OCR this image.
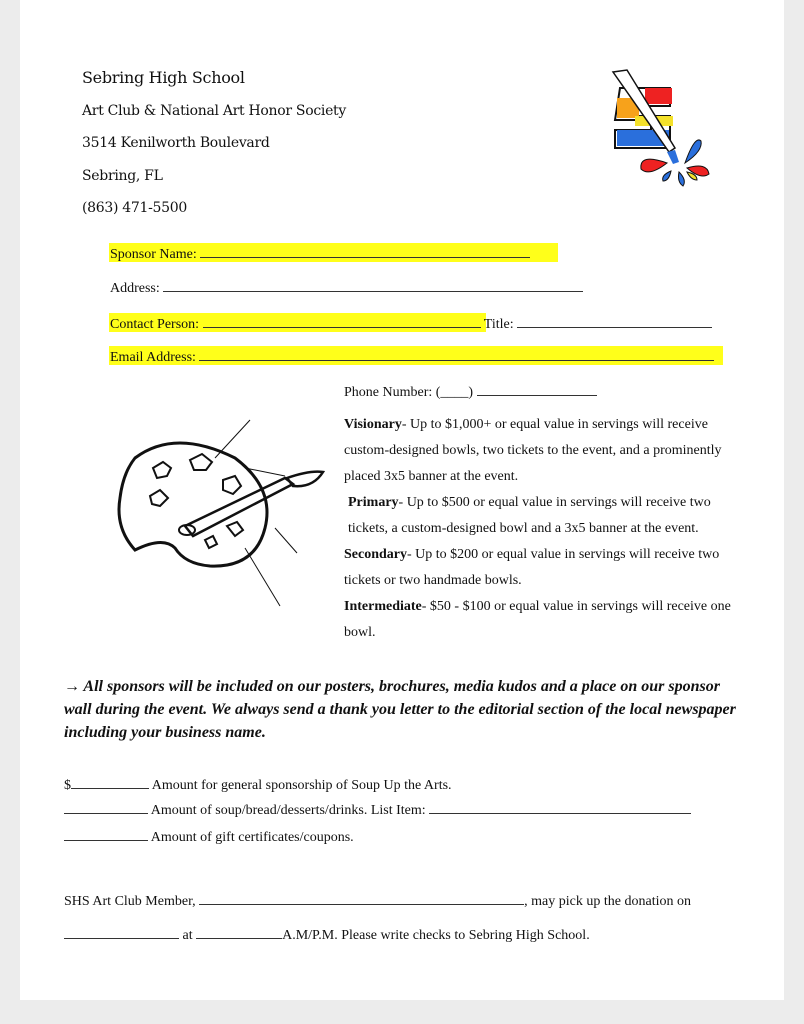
Sebring High School
Art Club & National Art Honor Society
3514 Kenilworth Boulevard
Sebring, FL
(863) 471-5500
Sponsor Name:
Address:
Contact Person:	Title:
Email Address:
Phone Number: (____)
Visionary- Up to $1,000+ or equal value in servings will receive custom-designed bowls, two tickets to the event, and a prominently placed 3x5 banner at the event.
Primary- Up to $500 or equal value in servings will receive two tickets, a custom-designed bowl and a 3x5 banner at the event.
Secondary- Up to $200 or equal value in servings will receive two tickets or two handmade bowls.
Intermediate- $50 - $100 or equal value in servings will receive one bowl.
→ All sponsors will be included on our posters, brochures, media kudos and a place on our sponsor wall during the event. We always send a thank you letter to the editorial section of the local newspaper including your business name.
$	Amount for general sponsorship of Soup Up the Arts.
Amount of soup/bread/desserts/drinks. List Item:
Amount of gift certificates/coupons.
SHS Art Club Member,	, may pick up the donation on
at	A.M/P.M. Please write checks to Sebring High School.
